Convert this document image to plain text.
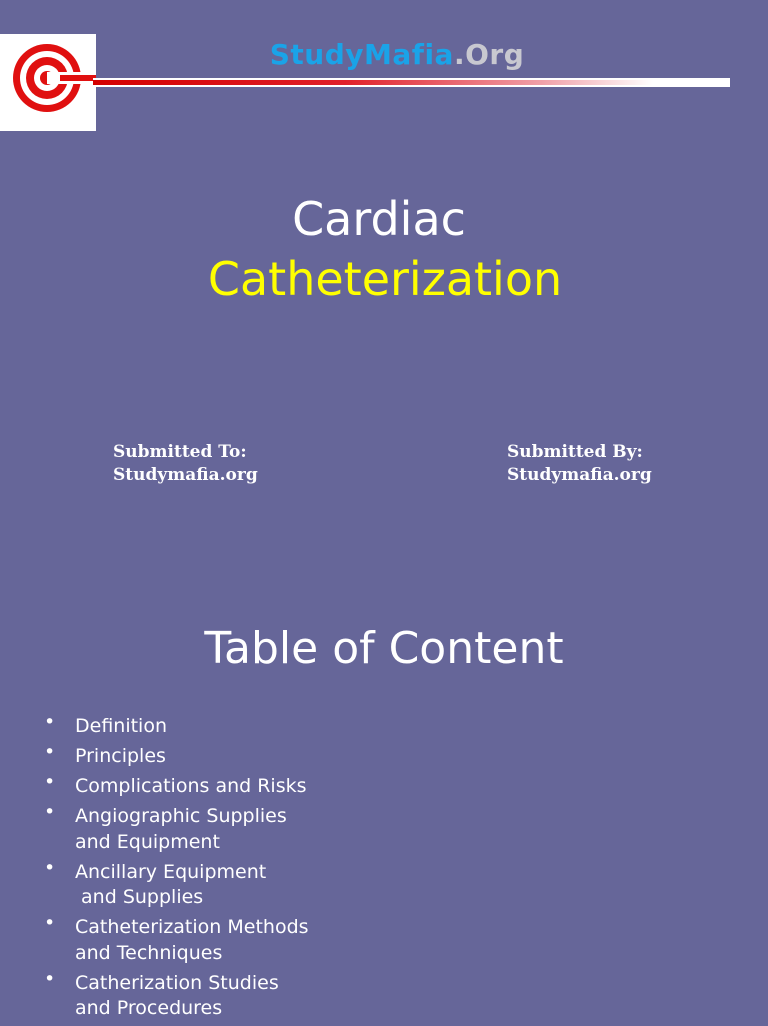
StudyMafia.Org
Cardiac
Catheterization
Submitted To:
Studymafia.org
Submitted By:
Studymafia.org
Table of Content
• Definition
• Principles
• Complications and Risks
• Angiographic Supplies
and Equipment
• Ancillary Equipment
and Supplies
• Catheterization Methods
and Techniques
• Catherization Studies
and Procedures
